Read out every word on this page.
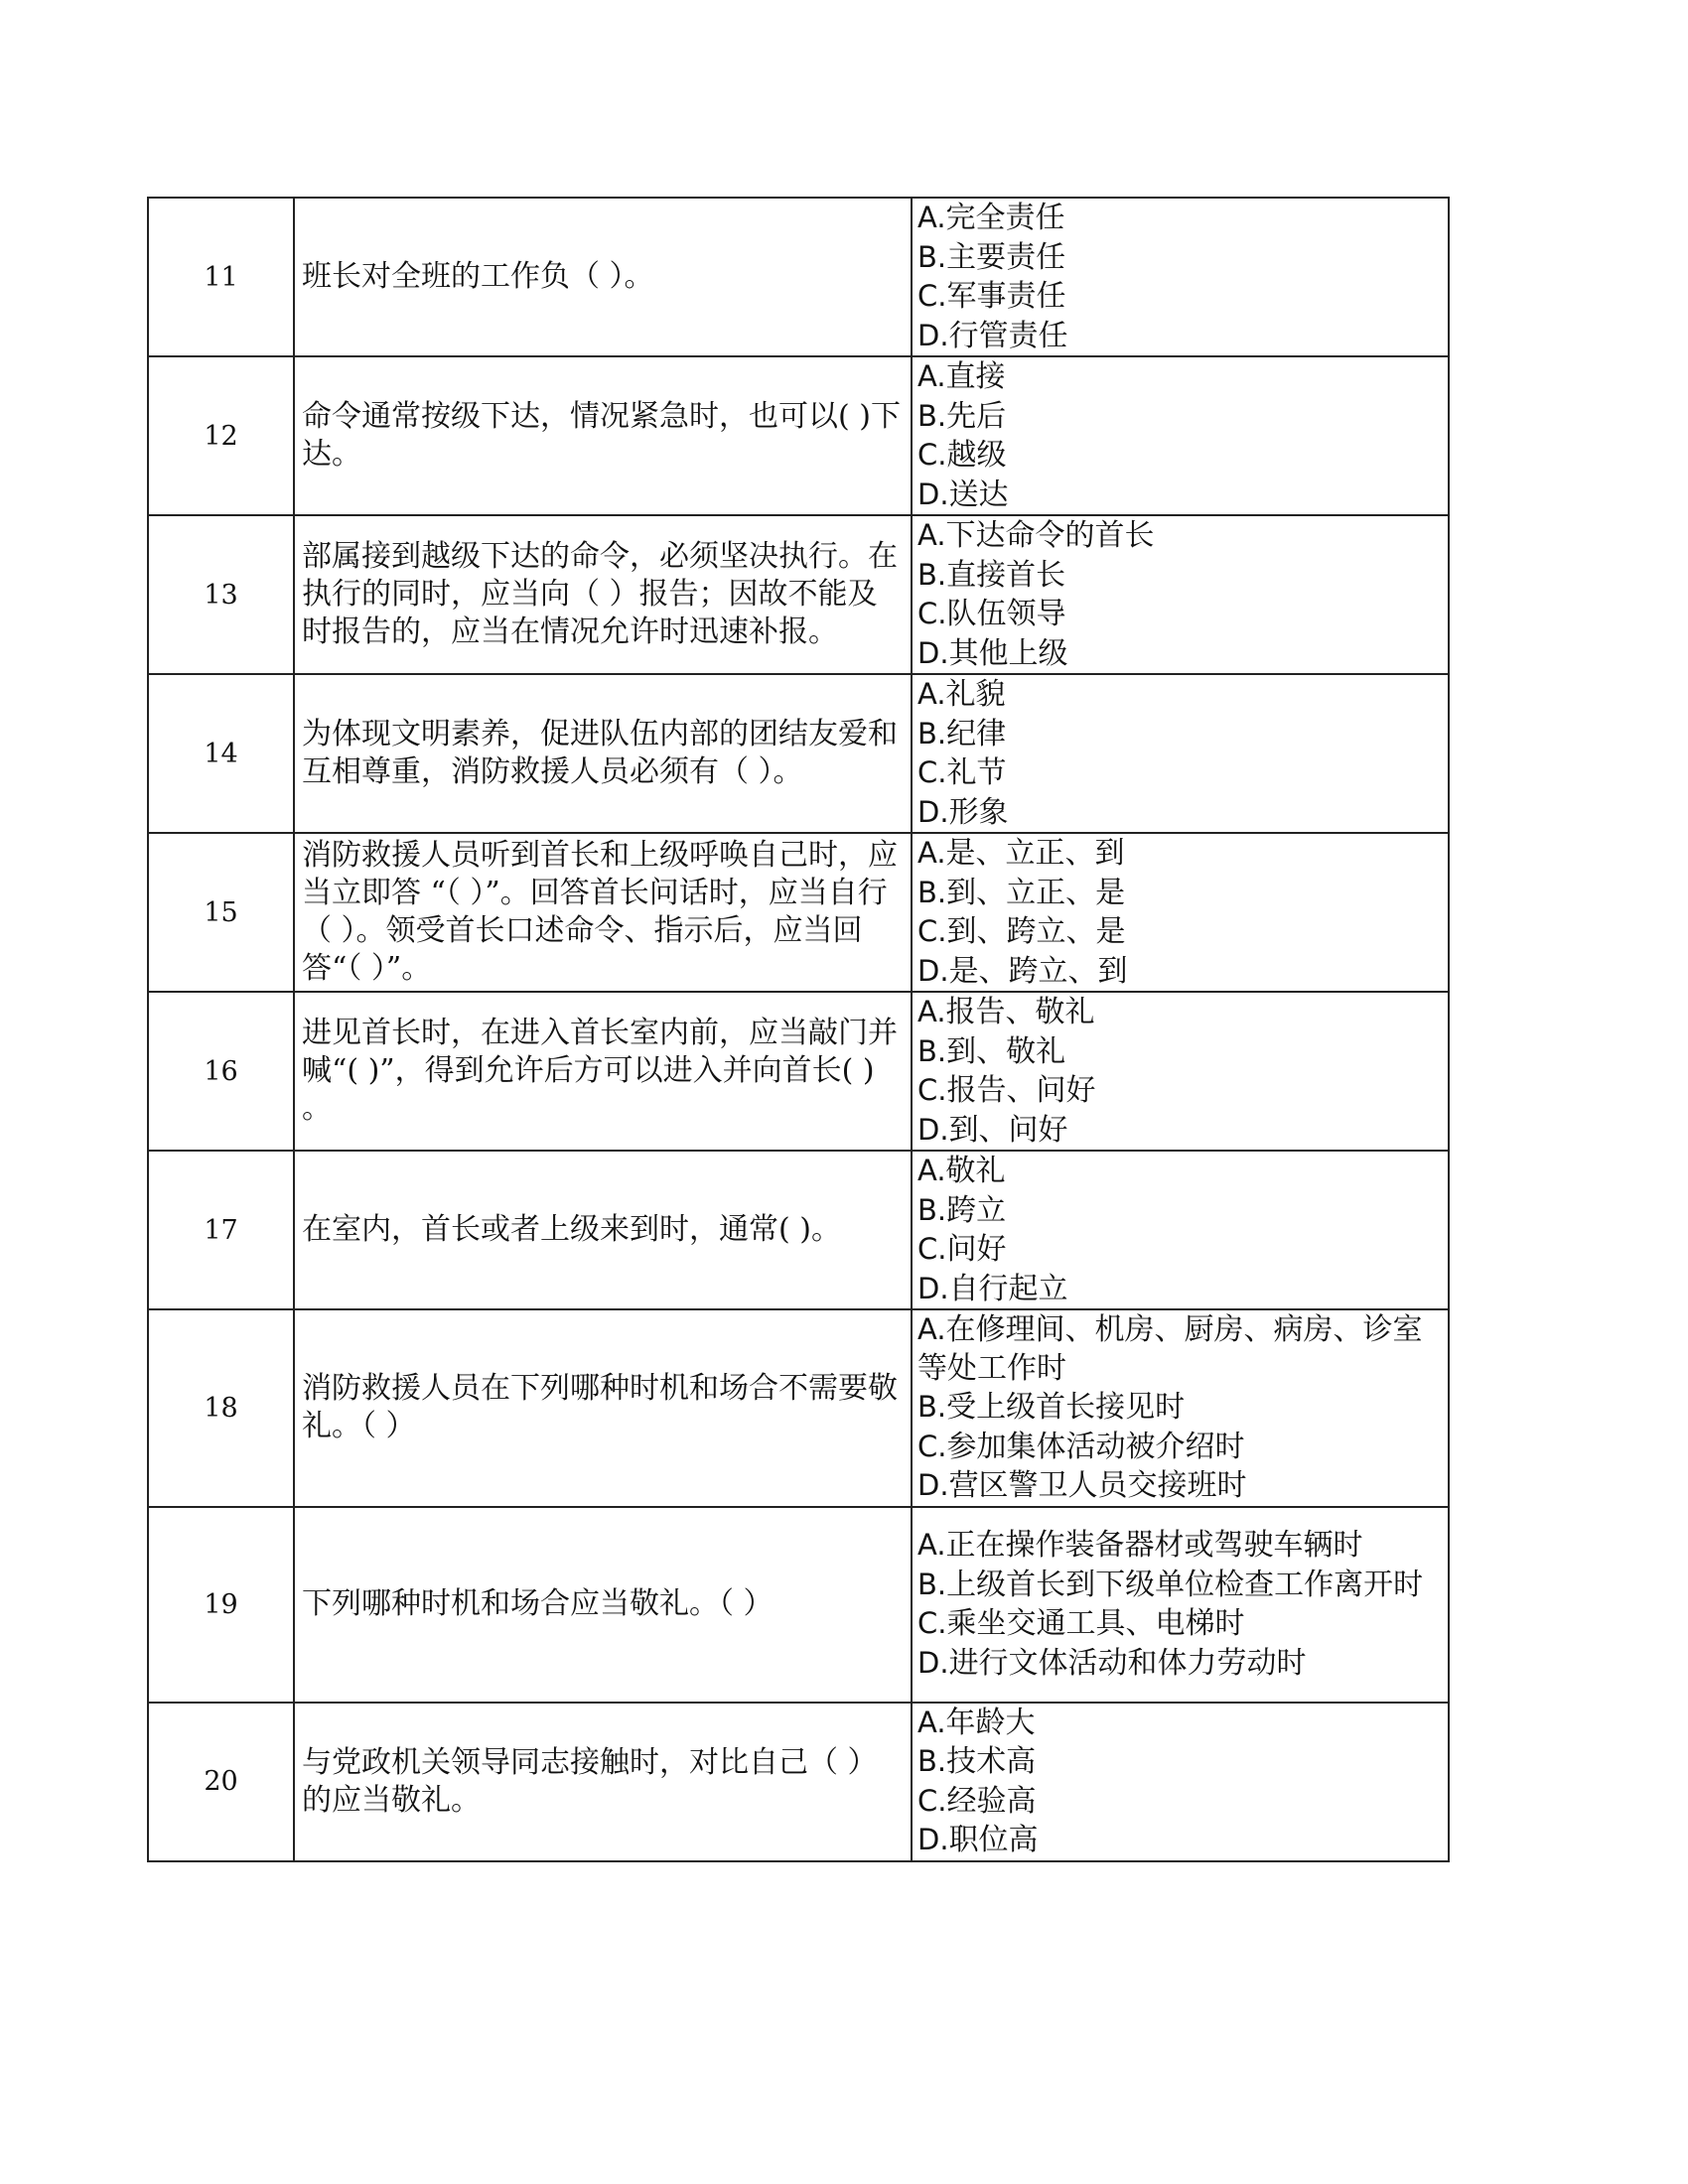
11	班长对全班的工作负（ ）。	A.完全责任
B.主要责任
C.军事责任
D.行管责任

12	命令通常按级下达，情况紧急时，也可以( )下达。	A.直接
B.先后
C.越级
D.送达

13	部属接到越级下达的命令，必须坚决执行。在执行的同时，应当向（ ）报告；因故不能及时报告的，应当在情况允许时迅速补报。	A.下达命令的首长
B.直接首长
C.队伍领导
D.其他上级

14	为体现文明素养，促进队伍内部的团结友爱和互相尊重，消防救援人员必须有（ ）。	A.礼貌
B.纪律
C.礼节
D.形象

15	消防救援人员听到首长和上级呼唤自己时，应当立即答 “（ ）”。回答首长问话时，应当自行（ ）。领受首长口述命令、指示后，应当回答“（ ）”。	A.是、立正、到
B.到、立正、是
C.到、跨立、是
D.是、跨立、到

16	进见首长时，在进入首长室内前，应当敲门并喊“( )”，得到允许后方可以进入并向首长( ) 。	A.报告、敬礼
B.到、敬礼
C.报告、问好
D.到、问好

17	在室内，首长或者上级来到时，通常( )。	A.敬礼
B.跨立
C.问好
D.自行起立

18	消防救援人员在下列哪种时机和场合不需要敬礼。（ ）	A.在修理间、机房、厨房、病房、诊室等处工作时
B.受上级首长接见时
C.参加集体活动被介绍时
D.营区警卫人员交接班时

19	下列哪种时机和场合应当敬礼。（ ）	A.正在操作装备器材或驾驶车辆时
B.上级首长到下级单位检查工作离开时
C.乘坐交通工具、电梯时
D.进行文体活动和体力劳动时

20	与党政机关领导同志接触时，对比自己（ ）的应当敬礼。	A.年龄大
B.技术高
C.经验高
D.职位高
